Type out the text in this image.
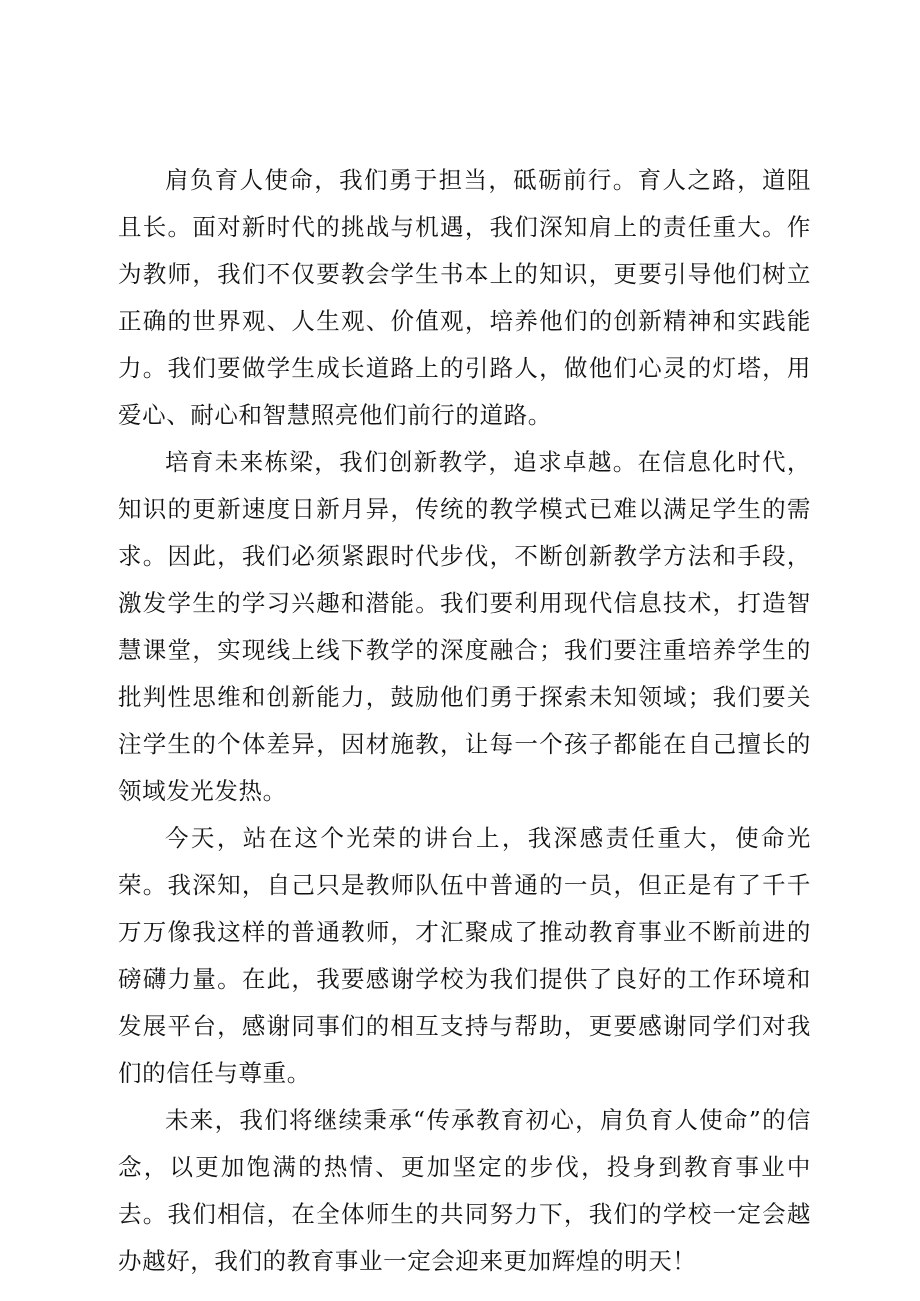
肩负育人使命，我们勇于担当，砥砺前行。育人之路，道阻且长。面对新时代的挑战与机遇，我们深知肩上的责任重大。作为教师，我们不仅要教会学生书本上的知识，更要引导他们树立正确的世界观、人生观、价值观，培养他们的创新精神和实践能力。我们要做学生成长道路上的引路人，做他们心灵的灯塔，用爱心、耐心和智慧照亮他们前行的道路。

培育未来栋梁，我们创新教学，追求卓越。在信息化时代，知识的更新速度日新月异，传统的教学模式已难以满足学生的需求。因此，我们必须紧跟时代步伐，不断创新教学方法和手段，激发学生的学习兴趣和潜能。我们要利用现代信息技术，打造智慧课堂，实现线上线下教学的深度融合；我们要注重培养学生的批判性思维和创新能力，鼓励他们勇于探索未知领域；我们要关注学生的个体差异，因材施教，让每一个孩子都能在自己擅长的领域发光发热。

今天，站在这个光荣的讲台上，我深感责任重大，使命光荣。我深知，自己只是教师队伍中普通的一员，但正是有了千千万万像我这样的普通教师，才汇聚成了推动教育事业不断前进的磅礴力量。在此，我要感谢学校为我们提供了良好的工作环境和发展平台，感谢同事们的相互支持与帮助，更要感谢同学们对我们的信任与尊重。

未来，我们将继续秉承“传承教育初心，肩负育人使命”的信念，以更加饱满的热情、更加坚定的步伐，投身到教育事业中去。我们相信，在全体师生的共同努力下，我们的学校一定会越办越好，我们的教育事业一定会迎来更加辉煌的明天！
